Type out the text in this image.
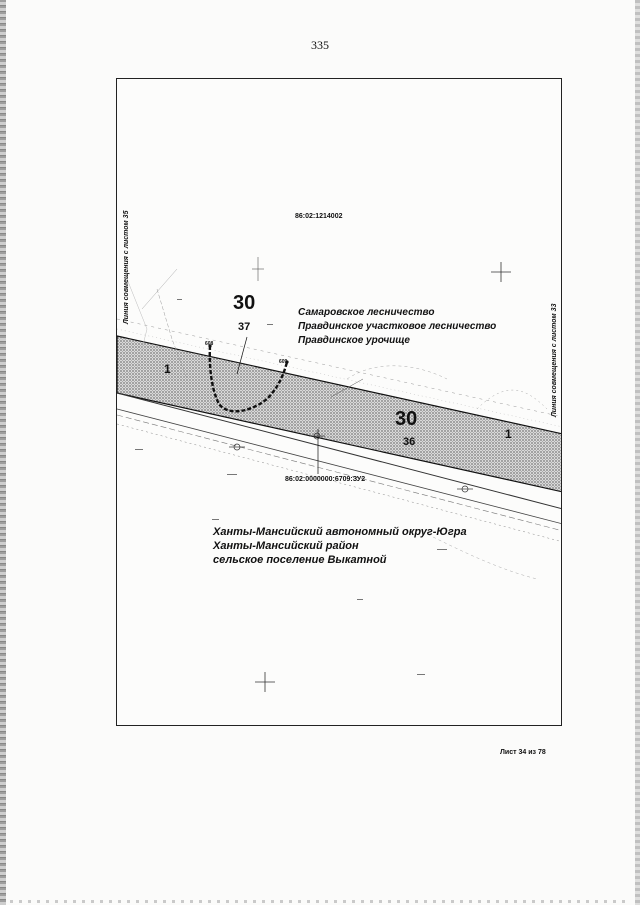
335
86:02:1214002
30
37
30
36
1
1
Самаровское лесничество
Правдинское участковое лесничество
Правдинское урочище
86:02:0000000:6709:ЗУ2
Ханты-Мансийский автономный округ-Югра
Ханты-Мансийский район
сельское поселение Выкатной
Линия совмещения с листом 35
Линия совмещения с листом 33
608
609
Лист 34 из 78
